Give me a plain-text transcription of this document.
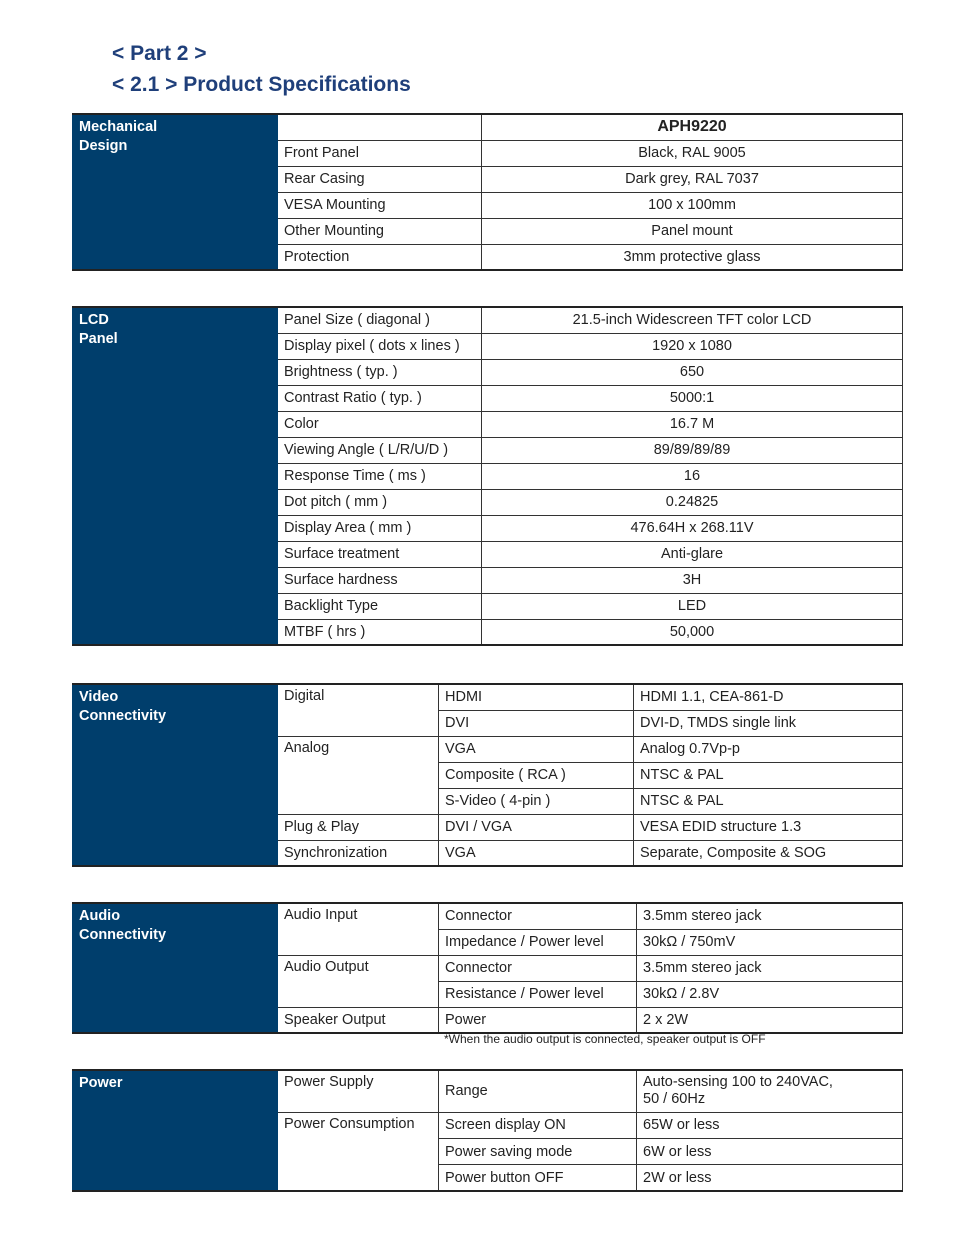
< Part 2 >
< 2.1 > Product Specifications
Mechanical
Design		APH9220
	Front Panel	Black, RAL 9005
	Rear Casing	Dark grey, RAL 7037
	VESA Mounting	100 x 100mm
	Other Mounting	Panel mount
	Protection	3mm protective glass
LCD
Panel	Panel Size ( diagonal )	21.5-inch Widescreen TFT color LCD
	Display pixel ( dots x lines )	1920 x 1080
	Brightness ( typ. )	650
	Contrast Ratio ( typ. )	5000:1
	Color	16.7 M
	Viewing Angle ( L/R/U/D )	89/89/89/89
	Response Time ( ms )	16
	Dot pitch ( mm )	0.24825
	Display Area ( mm )	476.64H x 268.11V
	Surface treatment	Anti-glare
	Surface hardness	3H
	Backlight Type	LED
	MTBF ( hrs )	50,000
Video
Connectivity	Digital	HDMI	HDMI 1.1, CEA-861-D
		DVI	DVI-D, TMDS single link
	Analog	VGA	Analog 0.7Vp-p
		Composite ( RCA )	NTSC & PAL
		S-Video ( 4-pin )	NTSC & PAL
	Plug & Play	DVI / VGA	VESA EDID structure 1.3
	Synchronization	VGA	Separate, Composite & SOG
Audio
Connectivity	Audio Input	Connector	3.5mm stereo jack
		Impedance / Power level	30kΩ / 750mV
	Audio Output	Connector	3.5mm stereo jack
		Resistance / Power level	30kΩ / 2.8V
	Speaker Output	Power	2 x 2W
*When the audio output is connected, speaker output is OFF
Power	Power Supply	Range	Auto-sensing 100 to 240VAC,
50 / 60Hz
	Power Consumption	Screen display ON	65W or less
		Power saving mode	6W or less
		Power button OFF	2W or less
